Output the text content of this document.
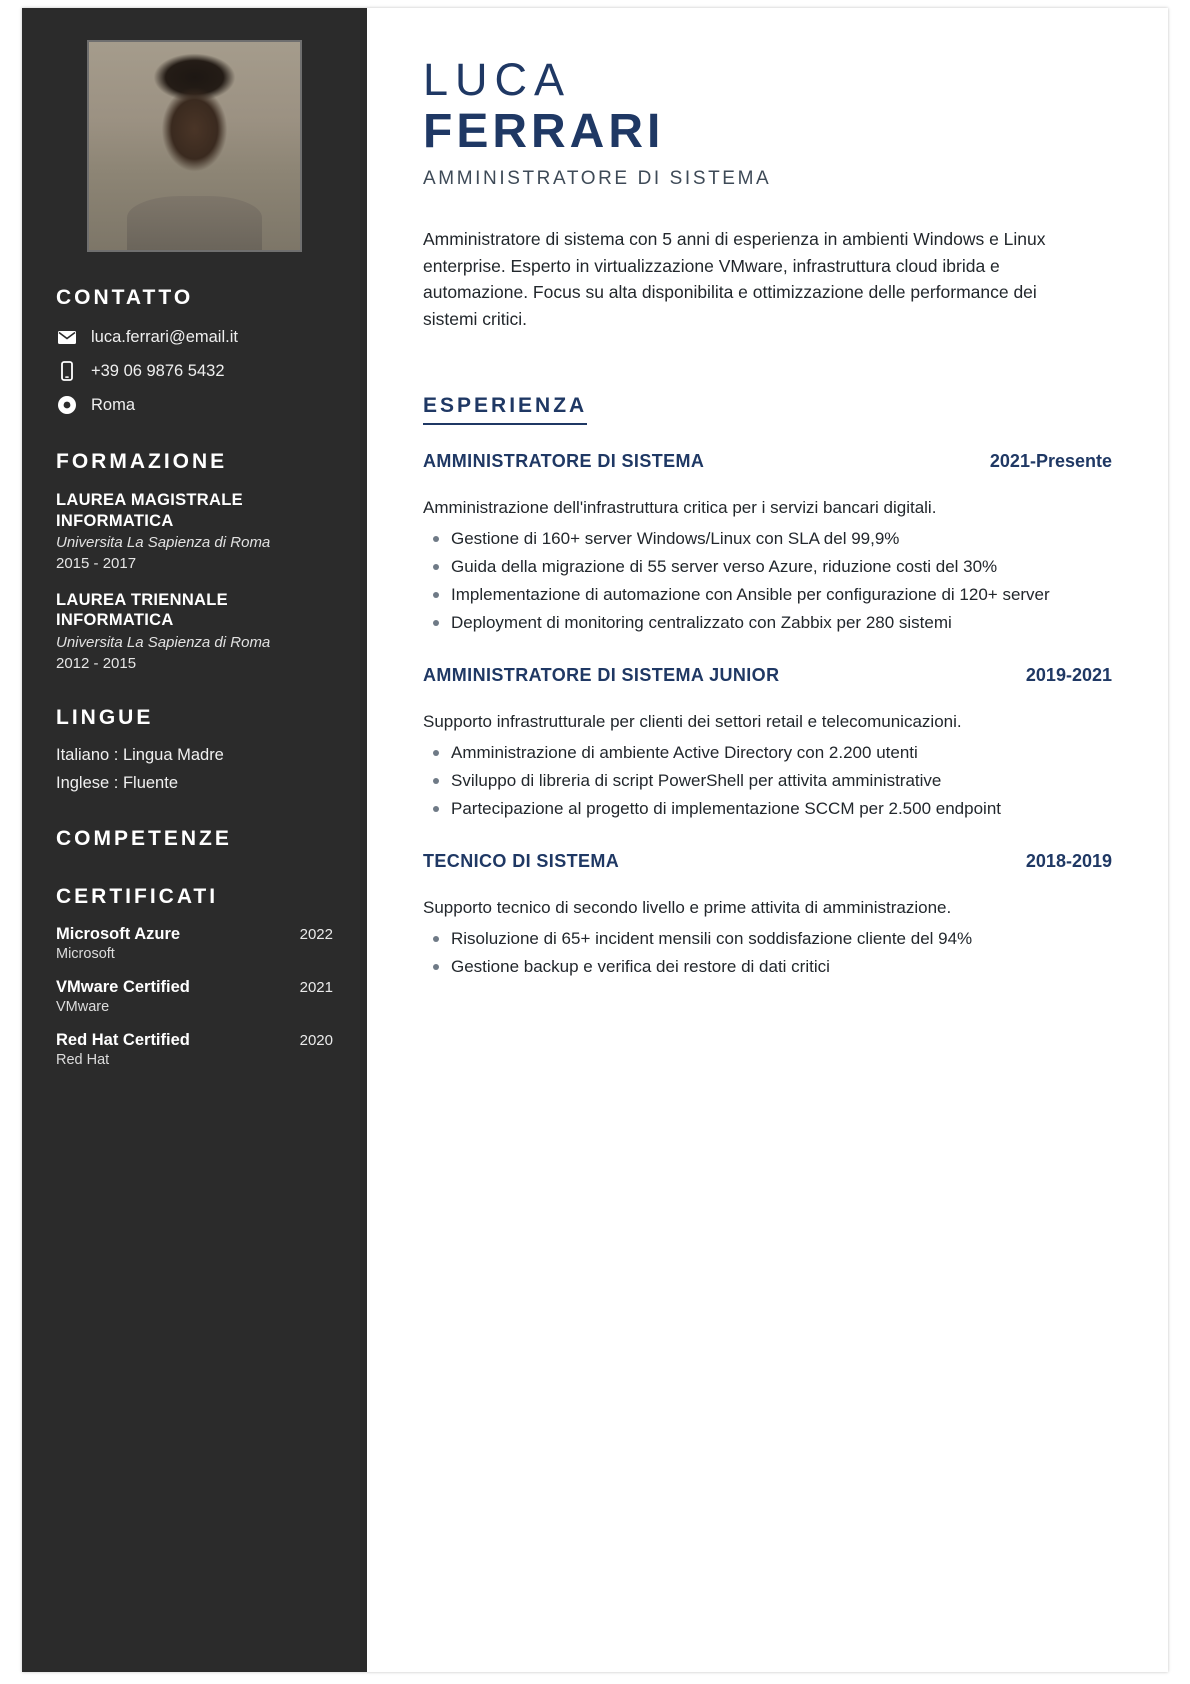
CONTATTO
luca.ferrari@email.it
+39 06 9876 5432
Roma
FORMAZIONE
LAUREA MAGISTRALE INFORMATICA
Universita La Sapienza di Roma
2015 - 2017
LAUREA TRIENNALE INFORMATICA
Universita La Sapienza di Roma
2012 - 2015
LINGUE
Italiano : Lingua Madre
Inglese : Fluente
COMPETENZE
CERTIFICATI
Microsoft Azure	2022
Microsoft
VMware Certified	2021
VMware
Red Hat Certified	2020
Red Hat
LUCA
FERRARI
AMMINISTRATORE DI SISTEMA

Amministratore di sistema con 5 anni di esperienza in ambienti Windows e Linux enterprise. Esperto in virtualizzazione VMware, infrastruttura cloud ibrida e automazione. Focus su alta disponibilita e ottimizzazione delle performance dei sistemi critici.

ESPERIENZA
AMMINISTRATORE DI SISTEMA	2021-Presente
Amministrazione dell'infrastruttura critica per i servizi bancari digitali.
Gestione di 160+ server Windows/Linux con SLA del 99,9%
Guida della migrazione di 55 server verso Azure, riduzione costi del 30%
Implementazione di automazione con Ansible per configurazione di 120+ server
Deployment di monitoring centralizzato con Zabbix per 280 sistemi
AMMINISTRATORE DI SISTEMA JUNIOR	2019-2021
Supporto infrastrutturale per clienti dei settori retail e telecomunicazioni.
Amministrazione di ambiente Active Directory con 2.200 utenti
Sviluppo di libreria di script PowerShell per attivita amministrative
Partecipazione al progetto di implementazione SCCM per 2.500 endpoint
TECNICO DI SISTEMA	2018-2019
Supporto tecnico di secondo livello e prime attivita di amministrazione.
Risoluzione di 65+ incident mensili con soddisfazione cliente del 94%
Gestione backup e verifica dei restore di dati critici
